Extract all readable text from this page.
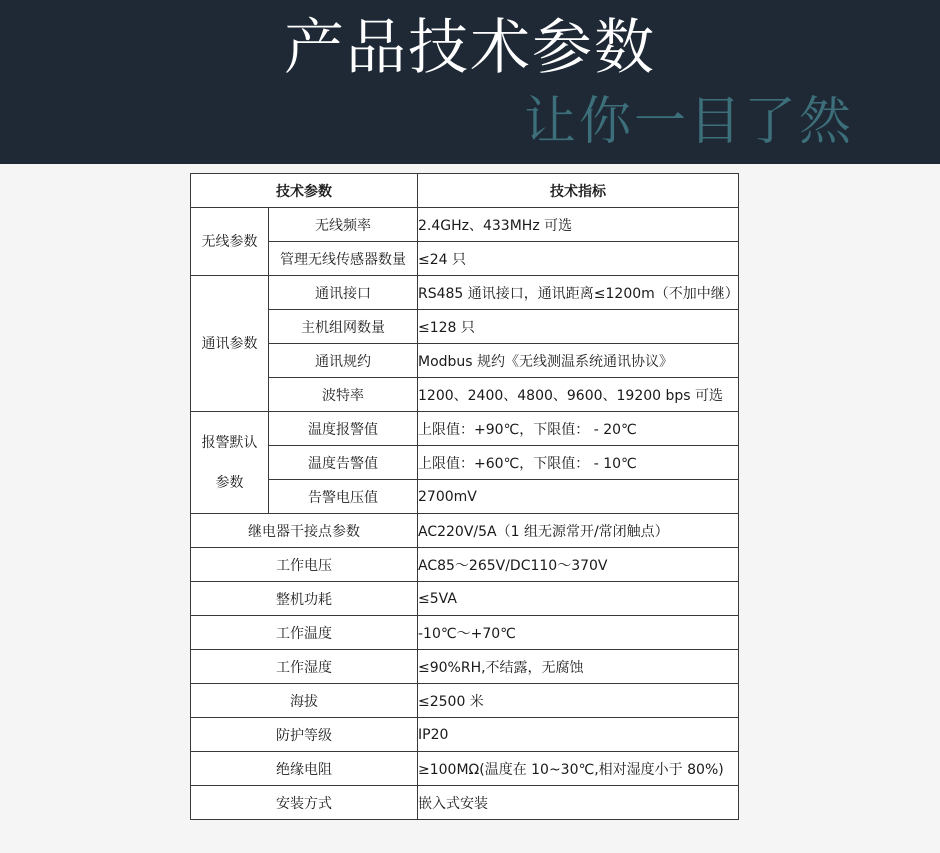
产品技术参数
让你一目了然
技术参数		技术指标

无线参数	无线频率	2.4GHz、433MHz 可选
	管理无线传感器数量	≤24 只

通讯参数	通讯接口	RS485 通讯接口，通讯距离≤1200m（不加中继）
	主机组网数量	≤128 只
	通讯规约	Modbus 规约《无线测温系统通讯协议》
	波特率	1200、2400、4800、9600、19200 bps 可选

报警默认
参数	温度报警值	上限值：+90℃，下限值： - 20℃
	温度告警值	上限值：+60℃，下限值： - 10℃
	告警电压值	2700mV
继电器干接点参数		AC220V/5A（1 组无源常开/常闭触点）
工作电压		AC85～265V/DC110～370V
整机功耗		≤5VA
工作温度		-10℃～+70℃
工作湿度		≤90%RH,不结露，无腐蚀
海拔		≤2500 米
防护等级		IP20
绝缘电阻		≥100MΩ(温度在 10~30℃,相对湿度小于 80%)
安装方式		嵌入式安装
